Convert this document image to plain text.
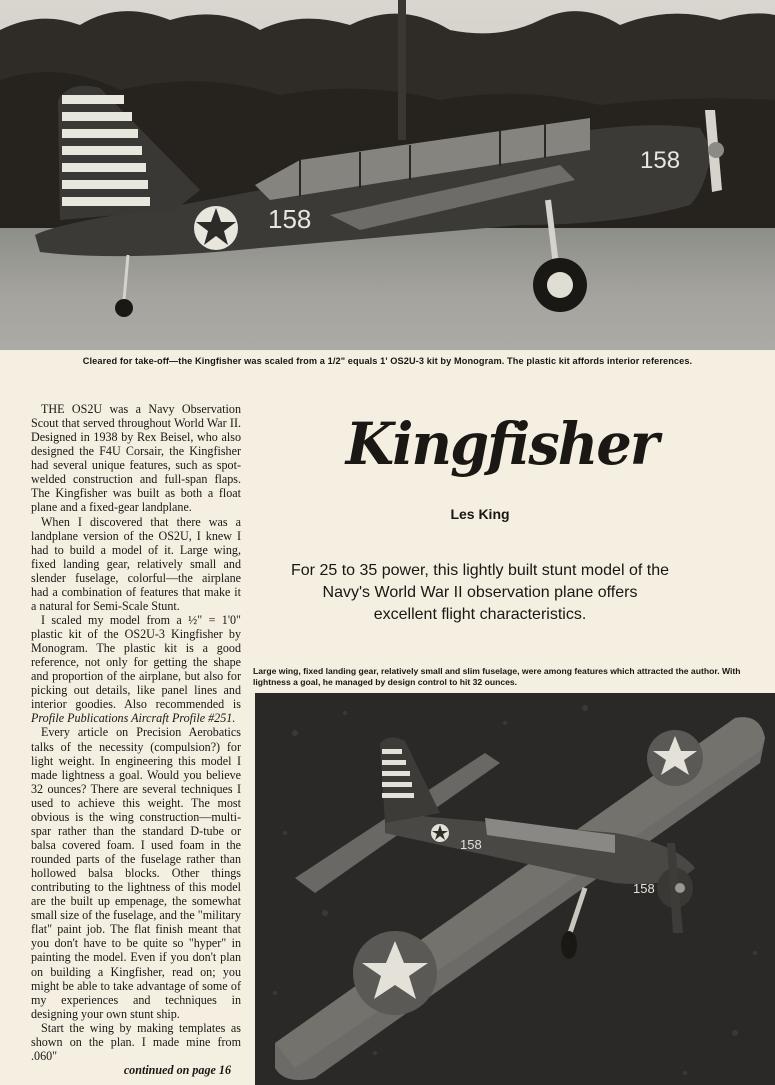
158
158
Cleared for take-off—the Kingfisher was scaled from a 1/2" equals 1' OS2U-3 kit by Monogram. The plastic kit affords interior references.

THE OS2U was a Navy Observation Scout that served throughout World War II. Designed in 1938 by Rex Beisel, who also designed the F4U Corsair, the Kingfisher had several unique features, such as spot-welded construction and full-span flaps. The Kingfisher was built as both a float plane and a fixed-gear landplane.

When I discovered that there was a landplane version of the OS2U, I knew I had to build a model of it. Large wing, fixed landing gear, relatively small and slender fuselage, colorful—the airplane had a combination of features that make it a natural for Semi-Scale Stunt.

I scaled my model from a ½" = 1'0" plastic kit of the OS2U-3 Kingfisher by Monogram. The plastic kit is a good reference, not only for getting the shape and proportion of the airplane, but also for picking out details, like panel lines and interior goodies. Also recommended is Profile Publications Aircraft Profile #251.

Every article on Precision Aerobatics talks of the necessity (compulsion?) for light weight. In engineering this model I made lightness a goal. Would you believe 32 ounces? There are several techniques I used to achieve this weight. The most obvious is the wing construction—multi-spar rather than the standard D-tube or balsa covered foam. I used foam in the rounded parts of the fuselage rather than hollowed balsa blocks. Other things contributing to the lightness of this model are the built up empenage, the somewhat small size of the fuselage, and the "military flat" paint job. The flat finish meant that you don't have to be quite so "hyper" in painting the model. Even if you don't plan on building a Kingfisher, read on; you might be able to take advantage of some of my experiences and techniques in designing your own stunt ship.

Start the wing by making templates as shown on the plan. I made mine from .060"

continued on page 16
Kingfisher
Les King
For 25 to 35 power, this lightly built stunt model of the Navy's World War II observation plane offers excellent flight characteristics.
Large wing, fixed landing gear, relatively small and slim fuselage, were among features which attracted the author. With lightness a goal, he managed by design control to hit 32 ounces.
158
158
